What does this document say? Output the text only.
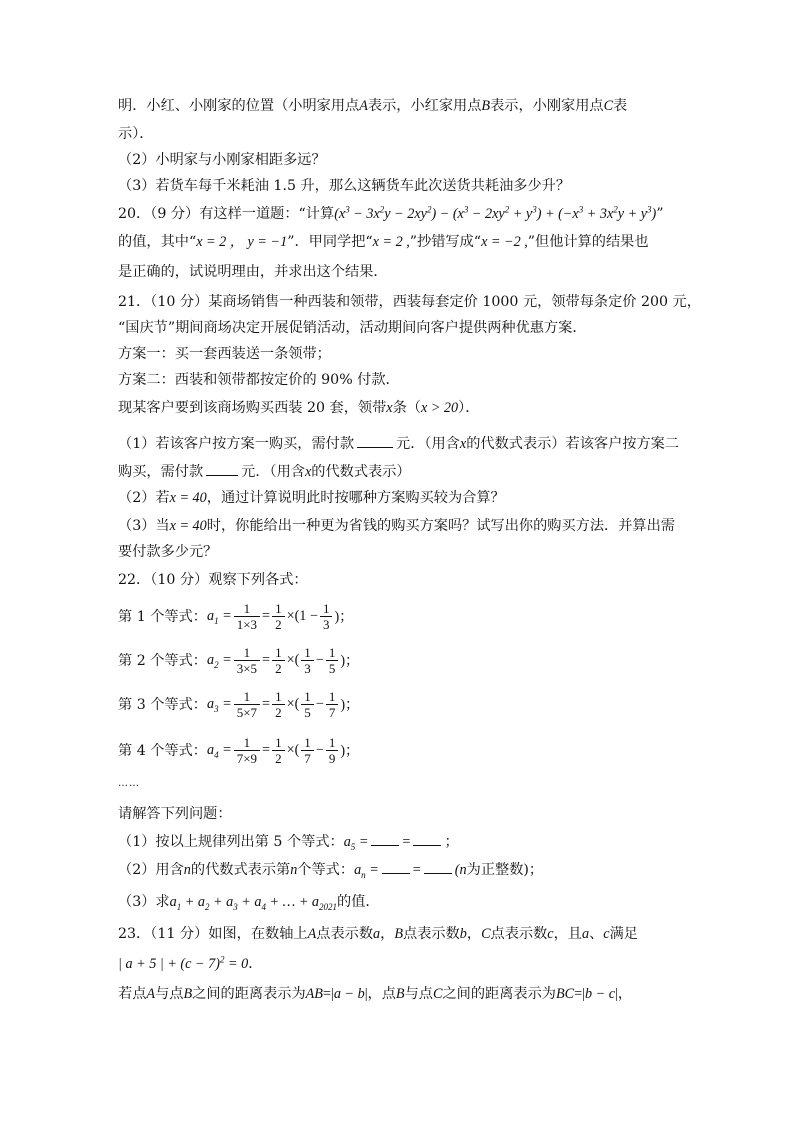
明．小红、小刚家的位置（小明家用点A表示，小红家用点B表示，小刚家用点C表
示）．
（2）小明家与小刚家相距多远？
（3）若货车每千米耗油 1.5 升，那么这辆货车此次送货共耗油多少升？
20．（9 分）有这样一道题：“计算$(x^3 - 3x^2y - 2xy^2) - (x^3 - 2xy^2 + y^3) + (-x^3 + 3x^2y + y^3)$”
的值，其中“x = 2 ， y = −1”．甲同学把“x = 2 ,”抄错写成“x = −2 ,”但他计算的结果也
是正确的，试说明理由，并求出这个结果．
21．（10 分）某商场销售一种西装和领带，西装每套定价 1000 元，领带每条定价 200 元，
“国庆节”期间商场决定开展促销活动，活动期间向客户提供两种优惠方案．
方案一：买一套西装送一条领带；
方案二：西装和领带都按定价的 90% 付款．
现某客户要到该商场购买西装 20 套，领带x条（x > 20）．
（1）若该客户按方案一购买，需付款	元．（用含x的代数式表示）若该客户按方案二
购买，需付款	元．（用含x的代数式表示）
（2）若x = 40，通过计算说明此时按哪种方案购买较为合算？
（3）当x = 40时，你能给出一种更为省钱的购买方案吗？试写出你的购买方法．并算出需
要付款多少元？
22．（10 分）观察下列各式：
第 1 个等式： $a_1 = \frac{1}{1\times 3} = \frac{1}{2} \times(1 - \frac{1}{3}$ )；
第 2 个等式： $a_2 = \frac{1}{3\times 5} = \frac{1}{2}$ ×( $\frac{1}{3} - \frac{1}{5}$ )；
第 3 个等式： $a_3 = \frac{1}{5\times 7} = \frac{1}{2}$ ×( $\frac{1}{5} - \frac{1}{7}$ )；
第 4 个等式： $a_4 = \frac{1}{7\times 9} = \frac{1}{2}$ ×( $\frac{1}{7} - \frac{1}{9}$ )；
……
请解答下列问题：
（1）按以上规律列出第 5 个等式：$a_5$ = = ；
（2）用含n的代数式表示第n个等式：$a_n$ = = (n为正整数)；
（3）求$a_1 + a_2 + a_3 + a_4$ + … + $a_{2021}$的值．
23．（11 分）如图，在数轴上A点表示数a，B点表示数b，C点表示数c，且a、c满足
| a + 5 | + $(c - 7)^2 = 0$．
若点A与点B之间的距离表示为AB=|a − b|，点B与点C之间的距离表示为BC=|b − c|，
